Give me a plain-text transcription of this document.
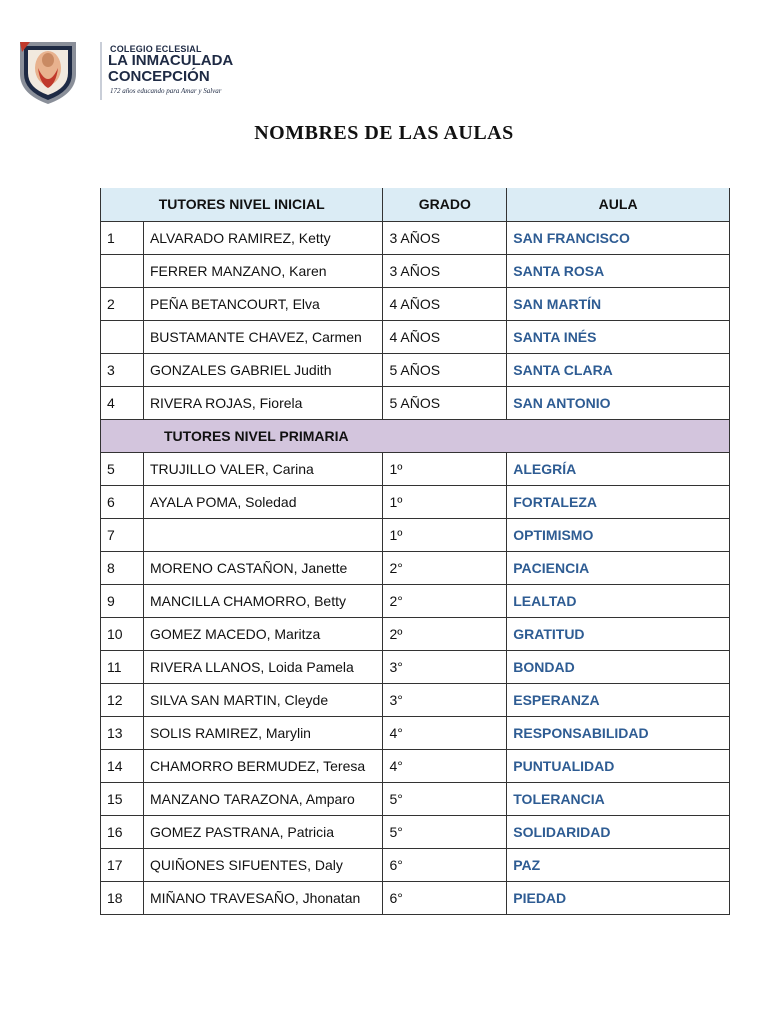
COLEGIO ECLESIAL
LA INMACULADA
CONCEPCIÓN
172 años educando para Amar y Salvar
NOMBRES DE LAS AULAS
TUTORES NIVEL INICIAL		GRADO	AULA
1	ALVARADO RAMIREZ, Ketty	3 AÑOS	SAN FRANCISCO
	FERRER MANZANO, Karen	3 AÑOS	SANTA ROSA
2	PEÑA BETANCOURT, Elva	4 AÑOS	SAN MARTÍN
	BUSTAMANTE CHAVEZ, Carmen	4 AÑOS	SANTA INÉS
3	GONZALES GABRIEL Judith	5 AÑOS	SANTA CLARA
4	RIVERA ROJAS, Fiorela	5 AÑOS	SAN ANTONIO
TUTORES NIVEL PRIMARIA			
5	TRUJILLO VALER, Carina	1º	ALEGRÍA
6	AYALA POMA, Soledad	1º	FORTALEZA
7		1º	OPTIMISMO
8	MORENO CASTAÑON, Janette	2°	PACIENCIA
9	MANCILLA CHAMORRO, Betty	2°	LEALTAD
10	GOMEZ MACEDO, Maritza	2º	GRATITUD
11	RIVERA LLANOS, Loida Pamela	3°	BONDAD
12	SILVA SAN MARTIN, Cleyde	3°	ESPERANZA
13	SOLIS RAMIREZ, Marylin	4°	RESPONSABILIDAD
14	CHAMORRO BERMUDEZ, Teresa	4°	PUNTUALIDAD
15	MANZANO TARAZONA, Amparo	5°	TOLERANCIA
16	GOMEZ PASTRANA, Patricia	5°	SOLIDARIDAD
17	QUIÑONES SIFUENTES, Daly	6°	PAZ
18	MIÑANO TRAVESAÑO, Jhonatan	6°	PIEDAD
